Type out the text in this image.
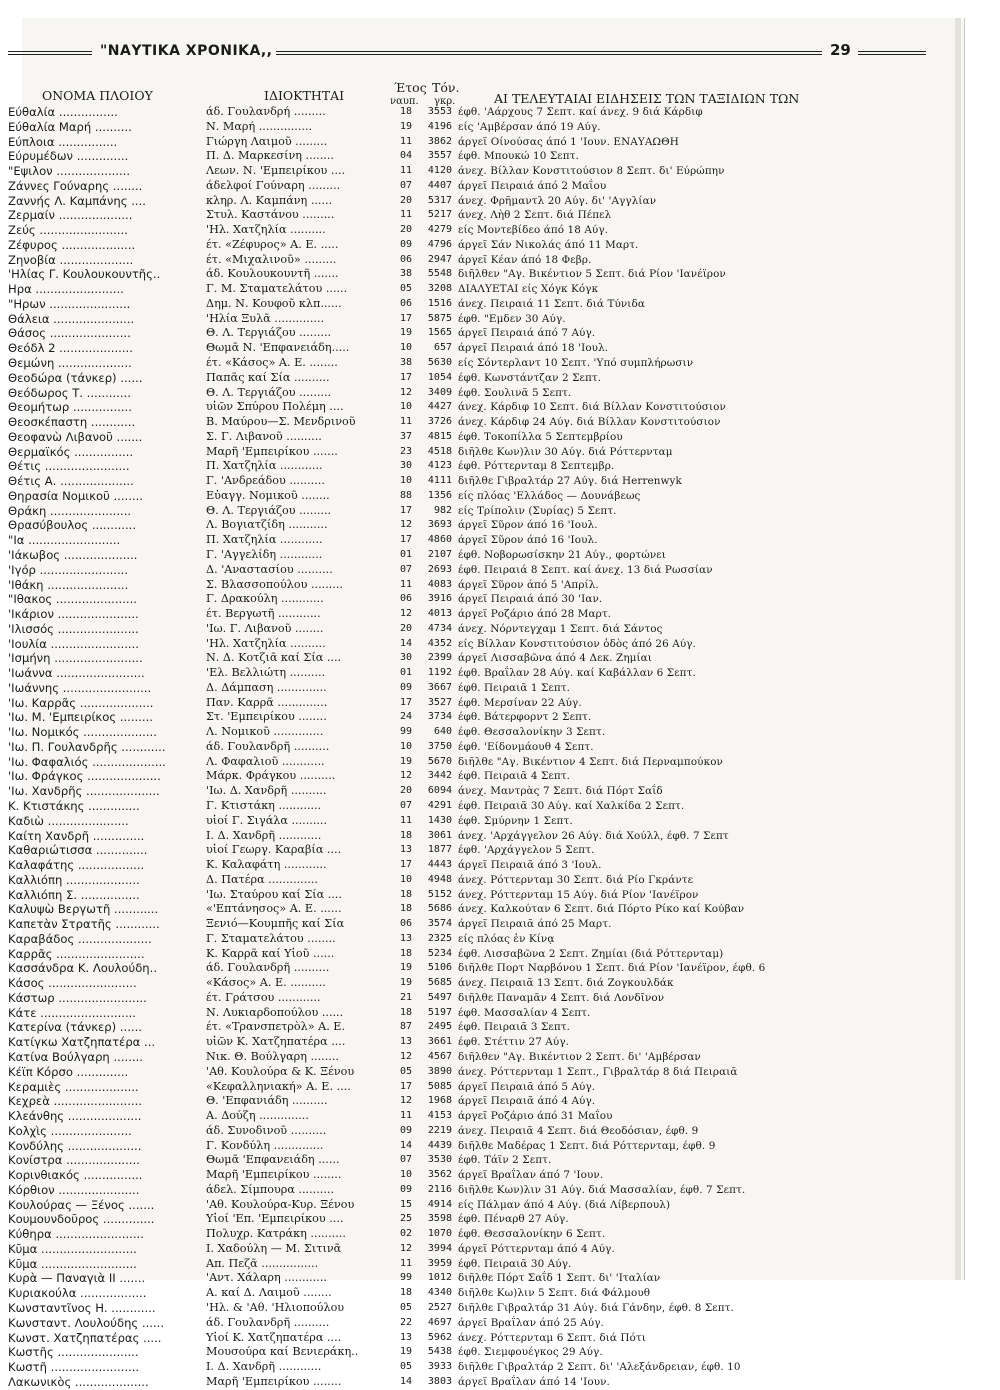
"ΝΑΥΤΙΚΑ ΧΡΟΝΙΚΑ,,	29
ΟΝΟΜΑ ΠΛΟΙΟΥ	ΙΔΙΟΚΤΗΤΑΙ
Έτος
ναυπ.
Τόν.
γκρ.	ΑΙ ΤΕΛΕΥΤΑΙΑΙ ΕΙΔΗΣΕΙΣ ΤΩΝ ΤΑΞΙΔΙΩΝ ΤΩΝ
Εύθαλία ................	άδ. Γουλανδρή .........	18	3553 έφθ. 'Αάρχους 7 Σεπτ. καί άνεχ. 9 διά Κάρδιφ
Εύθαλία Μαρή ..........	Ν. Μαρή ...............	19	4196 είς 'Αμβέρσαν άπό 19 Αύγ.
Εύπλοια ................	Γιώργη Λαιμοῦ .........	11	3862 άργεῖ Οίνούσας άπό 1 'Ιουν. ΕΝΑΥΑΩΘΗ
Εύρυμέδων ..............	Π. Δ. Μαρκεσίνη ........	04	3557 έφθ. Μπουκώ 10 Σεπτ.
"Εψιλον ....................	Λεων. Ν. 'Εμπειρίκου ....	11	4120 άνεχ. Βίλλαν Κονστιτούσιον 8 Σεπτ. δι' Εύρώπην
Ζάννες Γούναρης ........	άδελφοί Γούναρη .........	07	4407 άργεῖ Πειραιά άπό 2 Μαΐου
Ζαννής Λ. Καμπάνης ....	κληρ. Λ. Καμπάνη ......	20	5317 άνεχ. Φρῆμαντλ 20 Αύγ. δι' 'Αγγλίαν
Ζερμαίν ....................	Στυλ. Καστάνου .........	11	5217 άνεχ. Λὴθ 2 Σεπτ. διά Πέπελ
Ζεύς ........................	'Ηλ. Χατζηλία ..........	20	4279 είς Μοντεβίδεο άπό 18 Αύγ.
Ζέφυρος ....................	έτ. «Ζέφυρος» Α. Ε. .....	09	4796 άργεῖ Σάν Νικολάς άπό 11 Μαρτ.
Ζηνοβία ....................	έτ. «Μιχαλινοῦ» .........	06	2947 άργεῖ Κέαν άπό 18 Φεβρ.
'Ηλίας Γ. Κουλουκουντῆς..	άδ. Κουλουκουντῆ .......	38	5548 διῆλθεν "Αγ. Βικέντιον 5 Σεπτ. διά Ρίον 'Ιανέϊρον
Ηρα ........................	Γ. Μ. Σταματελάτου ......	05	3208 ΔΙΑΛΥΕΤΑΙ είς Χόγκ Κόγκ
"Ηρων ......................	Δημ. Ν. Κουφοῦ κλπ......	06	1516 άνεχ. Πειραιά 11 Σεπτ. διά Τύνιδα
Θάλεια ......................	'Ηλία Ξυλᾶ ..............	17	5875 έφθ. "Εμδεν 30 Αύγ.
Θάσος ......................	Θ. Λ. Τεργιάζου .........	19	1565 άργεῖ Πειραιά άπό 7 Αύγ.
Θεόδλ 2 ....................	Θωμᾶ Ν. 'Επφανειάδη.....	10	657 άργεῖ Πειραιά άπό 18 'Ιουλ.
Θεμώνη ....................	έτ. «Κάσος» Α. Ε. ........	38	5630 είς Σόντερλαντ 10 Σεπτ. 'Υπό συμπλήρωσιν
Θεοδώρα (τάνκερ) ......	Παπᾶς καί Σία ..........	17	1054 έφθ. Κωνστάντζαν 2 Σεπτ.
Θεόδωρος Τ. ............	Θ. Λ. Τεργιάζου .........	12	3409 έφθ. Σουλινᾶ 5 Σεπτ.
Θεομήτωρ ................	υἱῶν Σπύρου Πολέμη ....	10	4427 άνεχ. Κάρδιφ 10 Σεπτ. διά Βίλλαν Κονστιτούσιον
Θεοσκέπαστη ............	Β. Μαύρου—Σ. Μενδρινοῦ	11	3726 άνεχ. Κάρδιφ 24 Αύγ. διά Βίλλαν Κονστιτούσιον
Θεοφανὼ Λιβανοῦ .......	Σ. Γ. Λιβανοῦ ..........	37	4815 έφθ. Τοκοπίλλα 5 Σεπτεμβρίου
Θερμαϊκός ................	Μαρῆ 'Εμπειρίκου .......	23	4518 διῆλθε Κων)λιν 30 Αύγ. διά Ρόττερνταμ
Θέτις .......................	Π. Χατζηλία ............	30	4123 έφθ. Ρόττερνταμ 8 Σεπτεμβρ.
Θέτις Α. ....................	Γ. 'Ανδρεάδου ..........	10	4111 διῆλθε Γιβραλτάρ 27 Αύγ. διά Herrenwyk
Θηρασία Νομικοῦ ........	Εὐαγγ. Νομικοῦ ........	88	1356 είς πλόας 'Ελλάδος — Δουνάβεως
Θράκη ......................	Θ. Λ. Τεργιάζου .........	17	982 είς Τρίπολιν (Συρίας) 5 Σεπτ.
Θρασύβουλος ............	Λ. Βογιατζίδη ...........	12	3693 άργεῖ Σῦρον άπό 16 'Ιουλ.
"Ια .........................	Π. Χατζηλία ............	17	4860 άργεῖ Σῦρον άπό 16 'Ιουλ.
'Ιάκωβος ....................	Γ. 'Αγγελίδη ............	01	2107 έφθ. Νοβορωσίσκην 21 Αύγ., φορτώνει
'Ιγόρ ........................	Δ. 'Αναστασίου ..........	07	2693 έφθ. Πειραιά 8 Σεπτ. καί άνεχ. 13 διά Ρωσσίαν
'Ιθάκη ......................	Σ. Βλασσοπούλου .........	11	4083 άργεῖ Σῦρον άπό 5 'Απρίλ.
"Ιθακος ......................	Γ. Δρακούλη ............	06	3916 άργεῖ Πειραιά άπό 30 'Ιαν.
'Ικάριον ......................	έτ. Βεργωτῆ ............	12	4013 άργεῖ Ροζάριο άπό 28 Μαρτ.
'Ιλισσός ......................	'Ιω. Γ. Λιβανοῦ ........	20	4734 άνεχ. Νόρντεγχαμ 1 Σεπτ. διά Σάντος
'Ιουλία ........................	'Ηλ. Χατζηλία ..........	14	4352 είς Βίλλαν Κονστιτούσιον ὁδὸς άπό 26 Αύγ.
'Ισμήνη ........................	Ν. Δ. Κοτζιᾶ καί Σία ....	30	2399 άργεῖ Λισσαβῶνα άπό 4 Δεκ. Ζημίαι
'Ιωάννα ........................	'Ελ. Βελλιώτη ..........	01	1192 έφθ. Βραΐλαν 28 Αύγ. καί Καβάλλαν 6 Σεπτ.
'Ιωάννης ........................	Δ. Δάμπαση ..............	09	3667 έφθ. Πειραιᾶ 1 Σεπτ.
'Ιω. Καρρᾶς ....................	Παν. Καρρᾶ ..............	17	3527 έφθ. Μερσίναν 22 Αύγ.
'Ιω. Μ. 'Εμπειρίκος .........	Στ. 'Εμπειρίκου ........	24	3734 έφθ. Βάτερφορντ 2 Σεπτ.
'Ιω. Νομικός ....................	Λ. Νομικοῦ ..............	99	640 έφθ. Θεσσαλονίκην 3 Σεπτ.
'Ιω. Π. Γουλανδρῆς ............	άδ. Γουλανδρῆ ..........	10	3750 έφθ. 'Είδονμάουθ 4 Σεπτ.
'Ιω. Φαφαλιός ....................	Λ. Φαφαλιοῦ ............	19	5670 διῆλθε "Αγ. Βικέντιον 4 Σεπτ. διά Περναμπούκον
'Ιω. Φράγκος ....................	Μάρκ. Φράγκου ..........	12	3442 έφθ. Πειραιᾶ 4 Σεπτ.
'Ιω. Χανδρῆς ....................	'Ιω. Δ. Χανδρῆ ..........	20	6094 άνεχ. Μαντρὰς 7 Σεπτ. διά Πόρτ Σαΐδ
Κ. Κτιστάκης ..............	Γ. Κτιστάκη ............	07	4291 έφθ. Πειραιᾶ 30 Αύγ. καί Χαλκίδα 2 Σεπτ.
Καδιὼ ......................	υἱοί Γ. Σιγάλα ..........	11	1430 έφθ. Σμύρνην 1 Σεπτ.
Καίτη Χανδρῆ ..............	Ι. Δ. Χανδρῆ ............	18	3061 άνεχ. 'Αρχάγγελον 26 Αύγ. διά Χούλλ, έφθ. 7 Σεπτ
Καθαριώτισσα ..............	υἱοί Γεωργ. Καραβία ....	13	1877 έφθ. 'Αρχάγγελον 5 Σεπτ.
Καλαφάτης ..................	Κ. Καλαφάτη ............	17	4443 άργεῖ Πειραιᾶ άπό 3 'Ιουλ.
Καλλιόπη ....................	Δ. Πατέρα ..............	10	4948 άνεχ. Ρόττερνταμ 30 Σεπτ. διά Ρίο Γκράντε
Καλλιόπη Σ. ................	'Ιω. Σταύρου καί Σία ....	18	5152 άνεχ. Ρόττερνταμ 15 Αύγ. διά Ρίον 'Ιανέϊρον
Καλυψὼ Βεργωτῆ ............	«'Επτάνησος» Α. Ε. ......	18	5686 άνεχ. Καλκούταν 6 Σεπτ. διά Πόρτο Ρίκο καί Κούβαν
Καπετὰν Στρατῆς ............	Ξενιό—Κουμπῆς καί Σία	06	3574 άργεῖ Πειραιᾶ άπό 25 Μαρτ.
Καραβάδος ....................	Γ. Σταματελάτου ........	13	2325 είς πλόας ἐν Κίνᾳ
Καρρᾶς ........................	Κ. Καρρᾶ καί Υἱοῦ ......	18	5234 έφθ. Λισσαβῶνα 2 Σεπτ. Ζημίαι (διά Ρόττερνταμ)
Κασσάνδρα Κ. Λουλούδη..	άδ. Γουλανδρῆ ..........	19	5106 διῆλθε Πορτ Ναρβόνου 1 Σεπτ. διά Ρίον 'Ιανέϊρον, έφθ. 6
Κάσος ........................	«Κάσος» Α. Ε. ..........	19	5685 άνεχ. Πειραιᾶ 13 Σεπτ. διά Ζογκουλδάκ
Κάστωρ ........................	έτ. Γράτσου ............	21	5497 διῆλθε Παναμᾶν 4 Σεπτ. διά Λονδῖνον
Κάτε ..........................	Ν. Λυκιαρδοπούλου ......	18	5197 έφθ. Μασσαλίαν 4 Σεπτ.
Κατερίνα (τάνκερ) ......	έτ. «Τρανσπετρὸλ» Α. Ε.	87	2495 έφθ. Πειραιᾶ 3 Σεπτ.
Κατίγκω Χατζηπατέρα ...	υἱῶν Κ. Χατζηπατέρα ....	13	3661 έφθ. Στέττιν 27 Αύγ.
Κατίνα Βούλγαρη ........	Νικ. Θ. Βούλγαρη ........	12	4567 διῆλθεν "Αγ. Βικέντιον 2 Σεπτ. δι' 'Αμβέρσαν
Κέϊπ Κόρσο ..............	'Αθ. Κουλούρα & Κ. Ξένου	05	3890 άνεχ. Ρόττερνταμ 1 Σεπτ., Γιβραλτάρ 8 διά Πειραιᾶ
Κεραμιὲς ....................	«Κεφαλληνιακή» Α. Ε. ....	17	5085 άργεῖ Πειραιᾶ άπό 5 Αύγ.
Κεχρεὰ ........................	Θ. 'Επφανιάδη ..........	12	1968 άργεῖ Πειραιᾶ άπό 4 Αύγ.
Κλεάνθης ....................	Α. Δούζη ..............	11	4153 άργεῖ Ροζάριο άπό 31 Μαΐου
Κολχὶς ......................	άδ. Συνοδινοῦ ..........	09	2219 άνεχ. Πειραιᾶ 4 Σεπτ. διά Θεοδόσιαν, έφθ. 9
Κονδύλης ....................	Γ. Κονδύλη ..............	14	4439 διῆλθε Μαδέρας 1 Σεπτ. διά Ρόττερνταμ, έφθ. 9
Κονίστρα ....................	Θωμᾶ 'Επφανειάδη ......	07	3530 έφθ. Τάϊν 2 Σεπτ.
Κορινθιακός ................	Μαρῆ 'Εμπειρίκου ........	10	3562 άργεῖ Βραΐλαν άπό 7 'Ιουν.
Κόρθιον ......................	άδελ. Σίμπουρα ..........	09	2116 διῆλθε Κων)λιν 31 Αύγ. διά Μασσαλίαν, έφθ. 7 Σεπτ.
Κουλούρας — Ξένος .......	'Αθ. Κουλούρα-Κυρ. Ξένου	15	4914 είς Πάλμαν άπό 4 Αύγ. (διά Λίβερπουλ)
Κουμουνδοῦρος ..............	Υἱοί 'Επ. 'Εμπειρίκου ....	25	3598 έφθ. Πέναρθ 27 Αύγ.
Κύθηρα ........................	Πολυχρ. Κατράκη ..........	02	1070 έφθ. Θεσσαλονίκην 6 Σεπτ.
Κῦμα ..........................	Ι. Χαδούλη — Μ. Σιτινᾶ	12	3994 άργεῖ Ρόττερνταμ άπό 4 Αύγ.
Κῦμα ..........................	Απ. Πεζᾶ ................	11	3959 έφθ. Πειραιᾶ 30 Αύγ.
Κυρὰ — Παναγιὰ ΙΙ .......	'Αντ. Χάλαρη ............	99	1012 διῆλθε Πόρτ Σαΐδ 1 Σεπτ. δι' 'Ιταλίαν
Κυριακούλα ..................	Α. καί Δ. Λαιμοῦ ........	18	4340 διῆλθε Κω)λιν 5 Σεπτ. διά Φάλμουθ
Κωνσταντῖνος Η. ............	'Ηλ. & 'Αθ. 'Ηλιοπούλου	05	2527 διῆλθε Γιβραλτάρ 31 Αύγ. διά Γάνδην, έφθ. 8 Σεπτ.
Κωνσταντ. Λουλούδης ......	άδ. Γουλανδρῆ ..........	22	4697 άργεῖ Βραΐλαν άπό 25 Αύγ.
Κωνστ. Χατζηπατέρας .....	Υἱοί Κ. Χατζηπατέρα ....	13	5962 άνεχ. Ρόττερνταμ 6 Σεπτ. διά Πότι
Κωστῆς ......................	Μουσούρα καί Βενιεράκη..	19	5438 έφθ. Σιεμφουέγκος 29 Αύγ.
Κωστῆ ........................	Ι. Δ. Χανδρῆ ............	05	3933 διῆλθε Γιβραλτάρ 2 Σεπτ. δι' 'Αλεξάνδρειαν, έφθ. 10
Λακωνικὸς ....................	Μαρῆ 'Εμπειρίκου ........	14	3803 άργεῖ Βραΐλαν άπό 14 'Ιουν.
